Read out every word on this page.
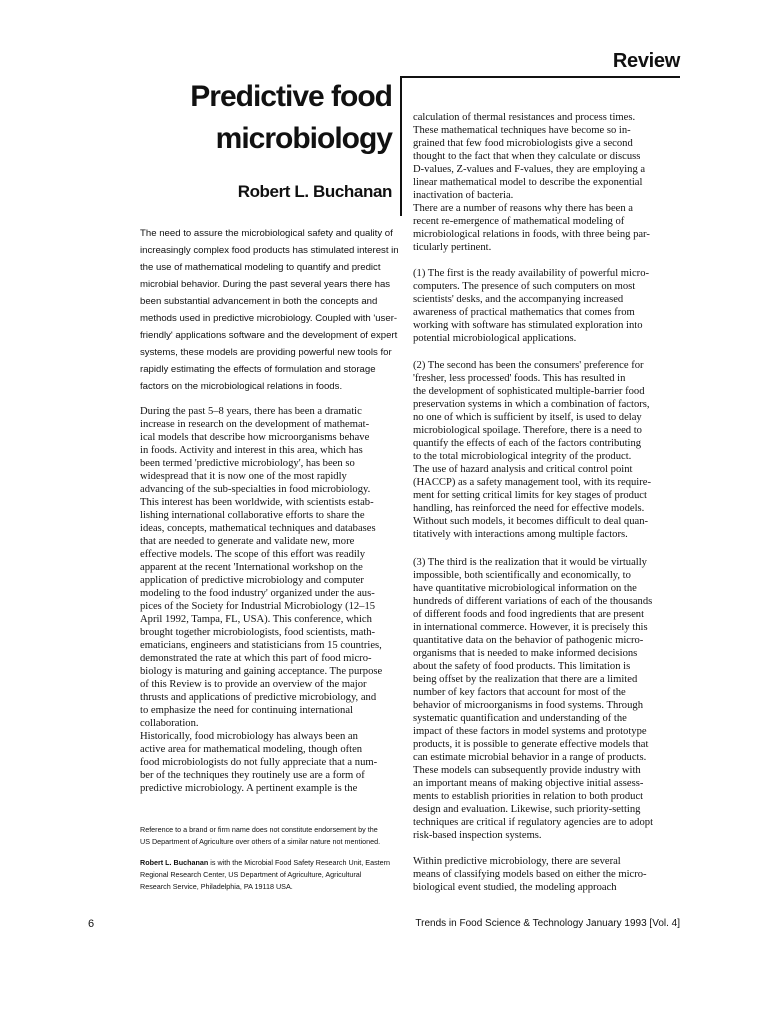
Review
Predictive food
microbiology
Robert L. Buchanan
The need to assure the microbiological safety and quality of
increasingly complex food products has stimulated interest in
the use of mathematical modeling to quantify and predict
microbial behavior. During the past several years there has
been substantial advancement in both the concepts and
methods used in predictive microbiology. Coupled with 'user-
friendly' applications software and the development of expert
systems, these models are providing powerful new tools for
rapidly estimating the effects of formulation and storage
factors on the microbiological relations in foods.
During the past 5–8 years, there has been a dramatic
increase in research on the development of mathemat-
ical models that describe how microorganisms behave
in foods. Activity and interest in this area, which has
been termed 'predictive microbiology', has been so
widespread that it is now one of the most rapidly
advancing of the sub-specialties in food microbiology.
This interest has been worldwide, with scientists estab-
lishing international collaborative efforts to share the
ideas, concepts, mathematical techniques and databases
that are needed to generate and validate new, more
effective models. The scope of this effort was readily
apparent at the recent 'International workshop on the
application of predictive microbiology and computer
modeling to the food industry' organized under the aus-
pices of the Society for Industrial Microbiology (12–15
April 1992, Tampa, FL, USA). This conference, which
brought together microbiologists, food scientists, math-
ematicians, engineers and statisticians from 15 countries,
demonstrated the rate at which this part of food micro-
biology is maturing and gaining acceptance. The purpose
of this Review is to provide an overview of the major
thrusts and applications of predictive microbiology, and
to emphasize the need for continuing international
collaboration.
Historically, food microbiology has always been an
active area for mathematical modeling, though often
food microbiologists do not fully appreciate that a num-
ber of the techniques they routinely use are a form of
predictive microbiology. A pertinent example is the
Reference to a brand or firm name does not constitute endorsement by the
US Department of Agriculture over others of a similar nature not mentioned.
Robert L. Buchanan is with the Microbial Food Safety Research Unit, Eastern
Regional Research Center, US Department of Agriculture, Agricultural
Research Service, Philadelphia, PA 19118 USA.
calculation of thermal resistances and process times.
These mathematical techniques have become so in-
grained that few food microbiologists give a second
thought to the fact that when they calculate or discuss
D-values, Z-values and F-values, they are employing a
linear mathematical model to describe the exponential
inactivation of bacteria.
There are a number of reasons why there has been a
recent re-emergence of mathematical modeling of
microbiological relations in foods, with three being par-
ticularly pertinent.
(1) The first is the ready availability of powerful micro-
computers. The presence of such computers on most
scientists' desks, and the accompanying increased
awareness of practical mathematics that comes from
working with software has stimulated exploration into
potential microbiological applications.
(2) The second has been the consumers' preference for
'fresher, less processed' foods. This has resulted in
the development of sophisticated multiple-barrier food
preservation systems in which a combination of factors,
no one of which is sufficient by itself, is used to delay
microbiological spoilage. Therefore, there is a need to
quantify the effects of each of the factors contributing
to the total microbiological integrity of the product.
The use of hazard analysis and critical control point
(HACCP) as a safety management tool, with its require-
ment for setting critical limits for key stages of product
handling, has reinforced the need for effective models.
Without such models, it becomes difficult to deal quan-
titatively with interactions among multiple factors.
(3) The third is the realization that it would be virtually
impossible, both scientifically and economically, to
have quantitative microbiological information on the
hundreds of different variations of each of the thousands
of different foods and food ingredients that are present
in international commerce. However, it is precisely this
quantitative data on the behavior of pathogenic micro-
organisms that is needed to make informed decisions
about the safety of food products. This limitation is
being offset by the realization that there are a limited
number of key factors that account for most of the
behavior of microorganisms in food systems. Through
systematic quantification and understanding of the
impact of these factors in model systems and prototype
products, it is possible to generate effective models that
can estimate microbial behavior in a range of products.
These models can subsequently provide industry with
an important means of making objective initial assess-
ments to establish priorities in relation to both product
design and evaluation. Likewise, such priority-setting
techniques are critical if regulatory agencies are to adopt
risk-based inspection systems.
Within predictive microbiology, there are several
means of classifying models based on either the micro-
biological event studied, the modeling approach
6	Trends in Food Science & Technology January 1993 [Vol. 4]
